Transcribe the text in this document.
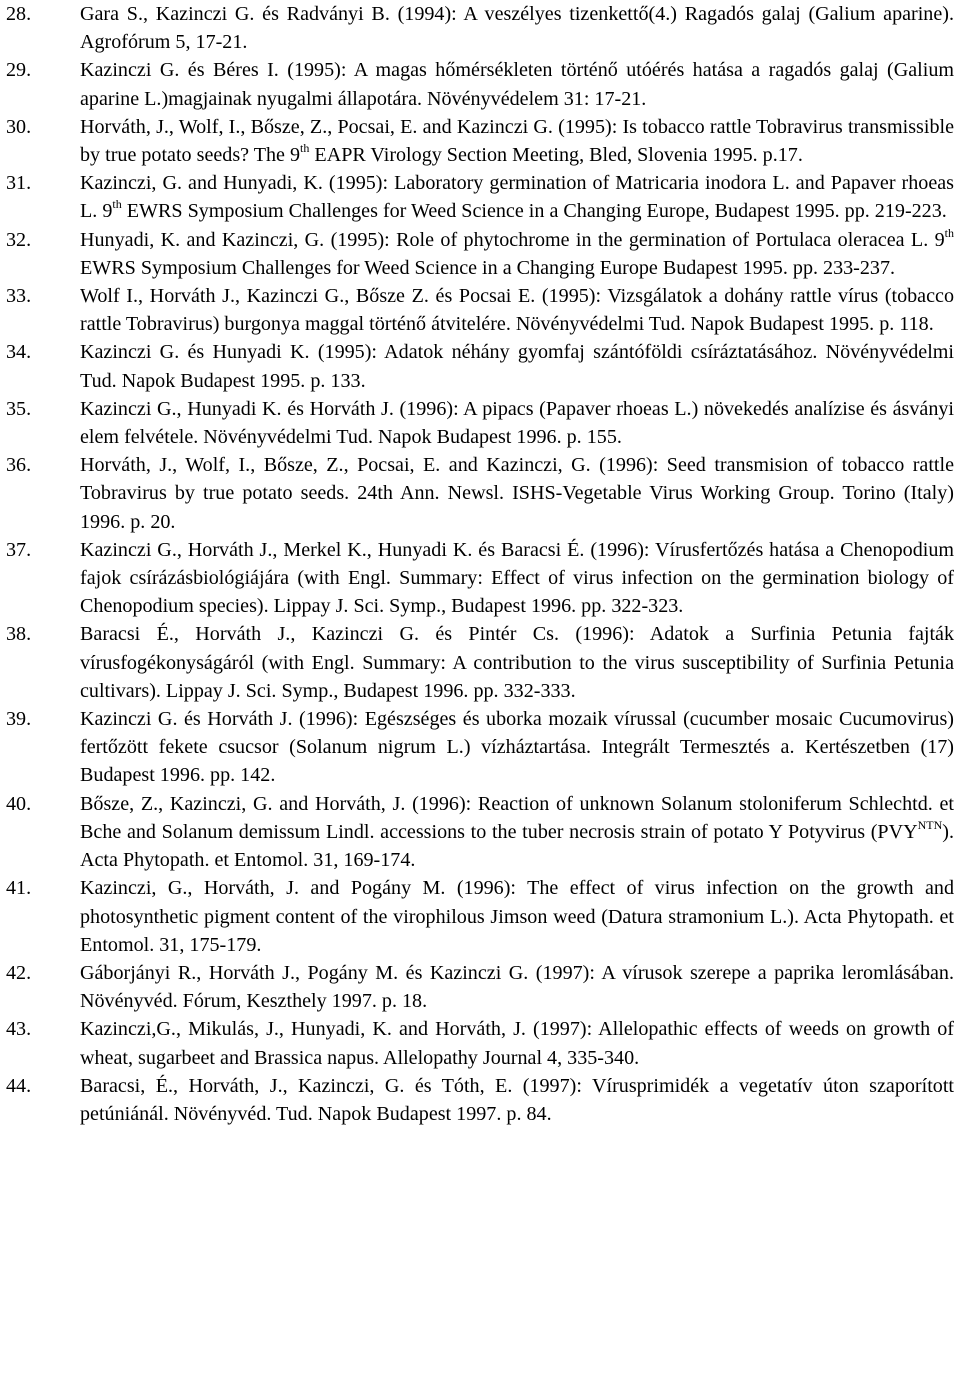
28.	Gara S., Kazinczi G. és Radványi B. (1994): A veszélyes tizenkettő(4.) Ragadós galaj (Galium aparine). Agrofórum 5, 17-21.
29.	Kazinczi G. és Béres I. (1995): A magas hőmérsékleten történő utóérés hatása a ragadós galaj (Galium aparine L.)magjainak nyugalmi állapotára. Növényvédelem 31: 17-21.
30.	Horváth, J., Wolf, I., Bősze, Z., Pocsai, E. and Kazinczi G. (1995): Is tobacco rattle Tobravirus transmissible by true potato seeds? The 9th EAPR Virology Section Meeting, Bled, Slovenia 1995. p.17.
31.	Kazinczi, G. and Hunyadi, K. (1995): Laboratory germination of Matricaria inodora L. and Papaver rhoeas L. 9th EWRS Symposium Challenges for Weed Science in a Changing Europe, Budapest 1995. pp. 219-223.
32.	Hunyadi, K. and Kazinczi, G. (1995): Role of phytochrome in the germination of Portulaca oleracea L. 9th EWRS Symposium Challenges for Weed Science in a Changing Europe Budapest 1995. pp. 233-237.
33.	Wolf I., Horváth J., Kazinczi G., Bősze Z. és Pocsai E. (1995): Vizsgálatok a dohány rattle vírus (tobacco rattle Tobravirus) burgonya maggal történő átvitelére. Növényvédelmi Tud. Napok Budapest 1995. p. 118.
34.	Kazinczi G. és Hunyadi K. (1995): Adatok néhány gyomfaj szántóföldi csíráztatásához. Növényvédelmi Tud. Napok Budapest 1995. p. 133.
35.	Kazinczi G., Hunyadi K. és Horváth J. (1996): A pipacs (Papaver rhoeas L.) növekedés analízise és ásványi elem felvétele. Növényvédelmi Tud. Napok Budapest 1996. p. 155.
36.	Horváth, J., Wolf, I., Bősze, Z., Pocsai, E. and Kazinczi, G. (1996): Seed transmision of tobacco rattle Tobravirus by true potato seeds. 24th Ann. Newsl. ISHS-Vegetable Virus Working Group. Torino (Italy) 1996. p. 20.
37.	Kazinczi G., Horváth J., Merkel K., Hunyadi K. és Baracsi É. (1996): Vírusfertőzés hatása a Chenopodium fajok csírázásbiológiájára (with Engl. Summary: Effect of virus infection on the germination biology of Chenopodium species). Lippay J. Sci. Symp., Budapest 1996. pp. 322-323.
38.	Baracsi É., Horváth J., Kazinczi G. és Pintér Cs. (1996): Adatok a Surfinia Petunia fajták vírusfogékonyságáról (with Engl. Summary: A contribution to the virus susceptibility of Surfinia Petunia cultivars). Lippay J. Sci. Symp., Budapest 1996. pp. 332-333.
39.	Kazinczi G. és Horváth J. (1996): Egészséges és uborka mozaik vírussal (cucumber mosaic Cucumovirus) fertőzött fekete csucsor (Solanum nigrum L.) vízháztartása. Integrált Termesztés a. Kertészetben (17) Budapest 1996. pp. 142.
40.	Bősze, Z., Kazinczi, G. and Horváth, J. (1996): Reaction of unknown Solanum stoloniferum Schlechtd. et Bche and Solanum demissum Lindl. accessions to the tuber necrosis strain of potato Y Potyvirus $(PVY^{NTN})$. Acta Phytopath. et Entomol. 31, 169-174.
41.	Kazinczi, G., Horváth, J. and Pogány M. (1996): The effect of virus infection on the growth and photosynthetic pigment content of the virophilous Jimson weed (Datura stramonium L.). Acta Phytopath. et Entomol. 31, 175-179.
42.	Gáborjányi R., Horváth J., Pogány M. és Kazinczi G. (1997): A vírusok szerepe a paprika leromlásában. Növényvéd. Fórum, Keszthely 1997. p. 18.
43.	Kazinczi,G., Mikulás, J., Hunyadi, K. and Horváth, J. (1997): Allelopathic effects of weeds on growth of wheat, sugarbeet and Brassica napus. Allelopathy Journal 4, 335-340.
44.	Baracsi, É., Horváth, J., Kazinczi, G. és Tóth, E. (1997): Vírusprimidék a vegetatív úton szaporított petúniánál. Növényvéd. Tud. Napok Budapest 1997. p. 84.
